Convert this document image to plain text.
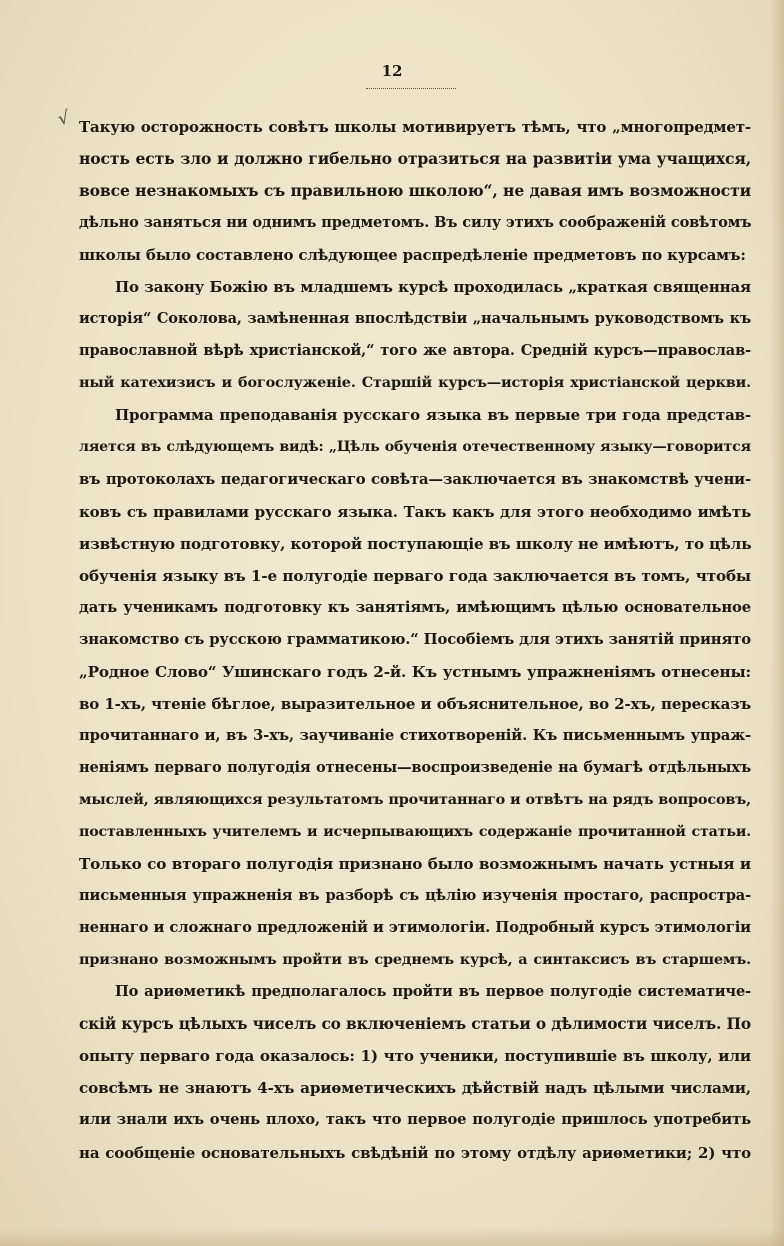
12
√ Такую осторожность совѣтъ школы мотивируетъ тѣмъ, что „многопредмет-
ность есть зло и должно гибельно отразиться на развитіи ума учащихся,
вовсе незнакомыхъ съ правильною школою“, не давая имъ возможности
дѣльно заняться ни однимъ предметомъ. Въ силу этихъ соображеній совѣтомъ
школы было составлено слѣдующее распредѣленіе предметовъ по курсамъ:
По закону Божію въ младшемъ курсѣ проходилась „краткая священная
исторія“ Соколова, замѣненная впослѣдствіи „начальнымъ руководствомъ къ
православной вѣрѣ христіанской,“ того же автора. Средній курсъ—православ-
ный катехизисъ и богослуженіе. Старшій курсъ—исторія христіанской церкви.
Программа преподаванія русскаго языка въ первые три года представ-
ляется въ слѣдующемъ видѣ: „Цѣль обученія отечественному языку—говорится
въ протоколахъ педагогическаго совѣта—заключается въ знакомствѣ учени-
ковъ съ правилами русскаго языка. Такъ какъ для этого необходимо имѣть
извѣстную подготовку, которой поступающіе въ школу не имѣютъ, то цѣль
обученія языку въ 1-е полугодіе перваго года заключается въ томъ, чтобы
дать ученикамъ подготовку къ занятіямъ, имѣющимъ цѣлью основательное
знакомство съ русскою грамматикою.“ Пособіемъ для этихъ занятій принято
„Родное Слово“ Ушинскаго годъ 2-й. Къ устнымъ упражненіямъ отнесены:
во 1-хъ, чтеніе бѣглое, выразительное и объяснительное, во 2-хъ, пересказъ
прочитаннаго и, въ 3-хъ, заучиваніе стихотвореній. Къ письменнымъ упраж-
неніямъ перваго полугодія отнесены—воспроизведеніе на бумагѣ отдѣльныхъ
мыслей, являющихся результатомъ прочитаннаго и отвѣтъ на рядъ вопросовъ,
поставленныхъ учителемъ и исчерпывающихъ содержаніе прочитанной статьи.
Только со втораго полугодія признано было возможнымъ начать устныя и
письменныя упражненія въ разборѣ съ цѣлію изученія простаго, распростра-
неннаго и сложнаго предложеній и этимологіи. Подробный курсъ этимологіи
признано возможнымъ пройти въ среднемъ курсѣ, а синтаксисъ въ старшемъ.
По ариѳметикѣ предполагалось пройти въ первое полугодіе систематиче-
скій курсъ цѣлыхъ чиселъ со включеніемъ статьи о дѣлимости чиселъ. По
опыту перваго года оказалось: 1) что ученики, поступившіе въ школу, или
совсѣмъ не знаютъ 4-хъ ариѳметическихъ дѣйствій надъ цѣлыми числами,
или знали ихъ очень плохо, такъ что первое полугодіе пришлось употребить
на сообщеніе основательныхъ свѣдѣній по этому отдѣлу ариѳметики; 2) что
